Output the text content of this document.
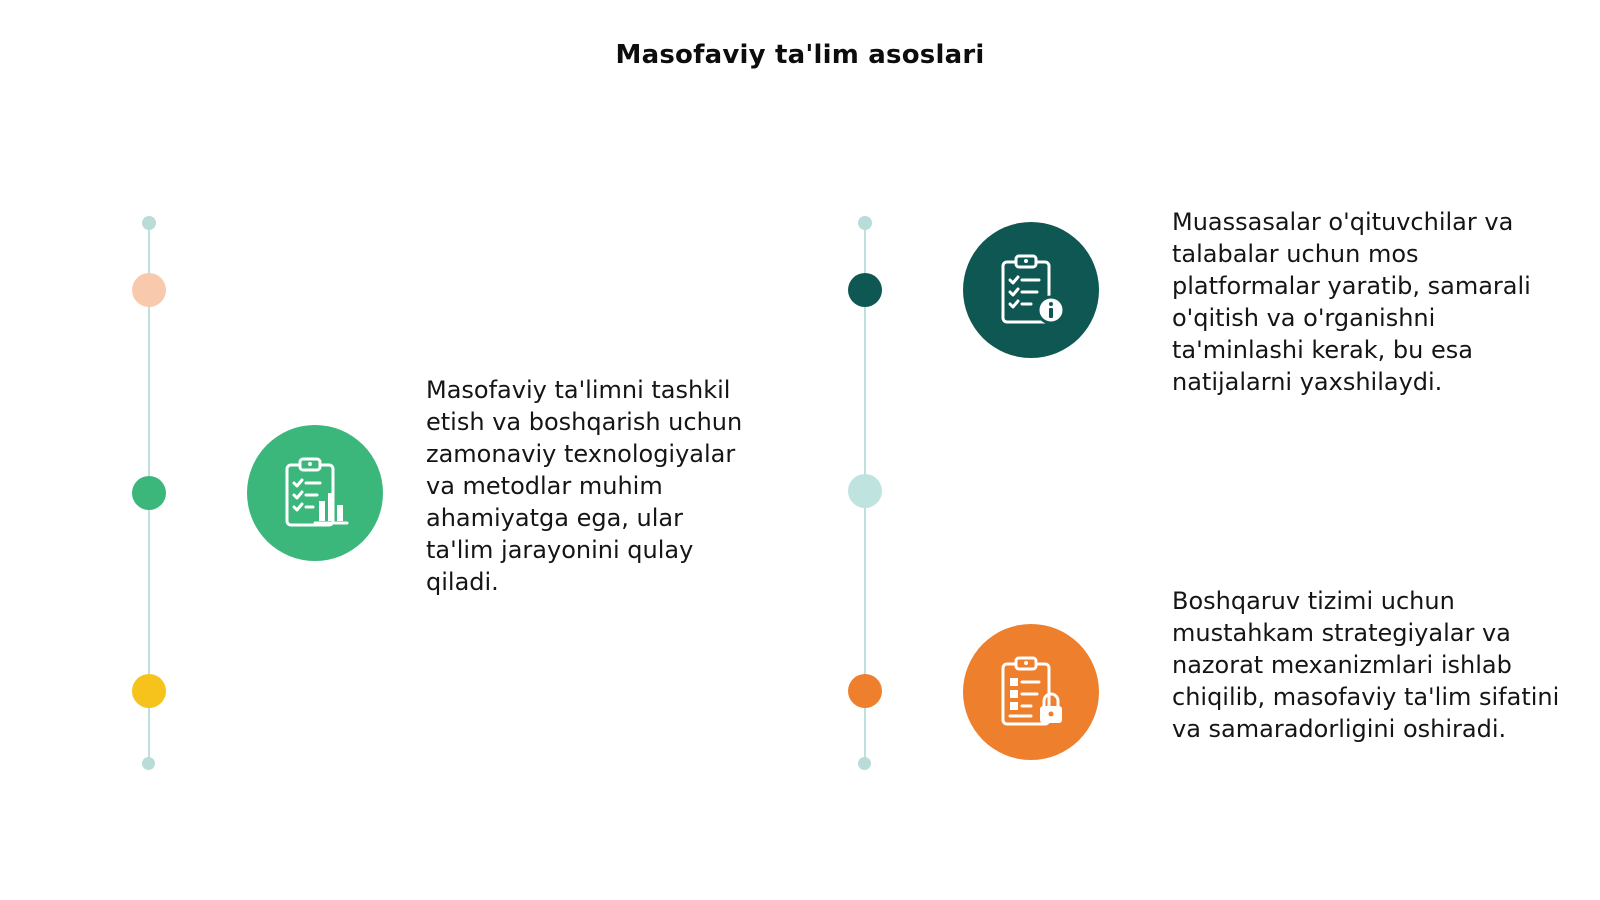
Masofaviy ta'lim asoslari
Masofaviy ta'limni tashkil etish va boshqarish uchun zamonaviy texnologiyalar va metodlar muhim ahamiyatga ega, ular ta'lim jarayonini qulay qiladi.
Muassasalar o'qituvchilar va talabalar uchun mos platformalar yaratib, samarali o'qitish va o'rganishni ta'minlashi kerak, bu esa natijalarni yaxshilaydi.
Boshqaruv tizimi uchun mustahkam strategiyalar va nazorat mexanizmlari ishlab chiqilib, masofaviy ta'lim sifatini va samaradorligini oshiradi.
